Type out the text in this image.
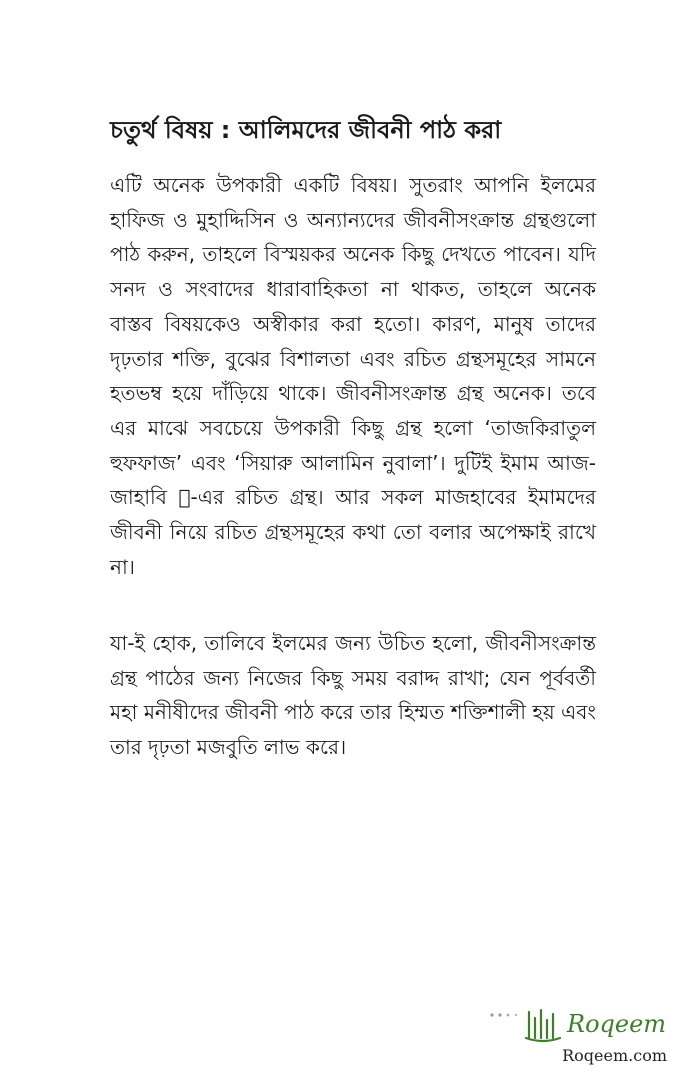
চতুর্থ বিষয় : আলিমদের জীবনী পাঠ করা

এটি অনেক উপকারী একটি বিষয়। সুতরাং আপনি ইলমের হাফিজ ও মুহাদ্দিসিন ও অন্যান্যদের জীবনীসংক্রান্ত গ্রন্থগুলো পাঠ করুন, তাহলে বিস্ময়কর অনেক কিছু দেখতে পাবেন। যদি সনদ ও সংবাদের ধারাবাহিকতা না থাকত, তাহলে অনেক বাস্তব বিষয়কেও অস্বীকার করা হতো। কারণ, মানুষ তাদের দৃঢ়তার শক্তি, বুঝের বিশালতা এবং রচিত গ্রন্থসমূহের সামনে হতভম্ব হয়ে দাঁড়িয়ে থাকে। জীবনীসংক্রান্ত গ্রন্থ অনেক। তবে এর মাঝে সবচেয়ে উপকারী কিছু গ্রন্থ হলো ‘তাজকিরাতুল হুফফাজ’ এবং ‘সিয়ারু আলামিন নুবালা’। দুটিই ইমাম আজ-জাহাবি ﷬-এর রচিত গ্রন্থ। আর সকল মাজহাবের ইমামদের জীবনী নিয়ে রচিত গ্রন্থসমূহের কথা তো বলার অপেক্ষাই রাখে না।

যা-ই হোক, তালিবে ইলমের জন্য উচিত হলো, জীবনীসংক্রান্ত গ্রন্থ পাঠের জন্য নিজের কিছু সময় বরাদ্দ রাখা; যেন পূর্ববর্তী মহা মনীষীদের জীবনী পাঠ করে তার হিম্মত শক্তিশালী হয় এবং তার দৃঢ়তা মজবুতি লাভ করে।

Roqeem
Roqeem.com
